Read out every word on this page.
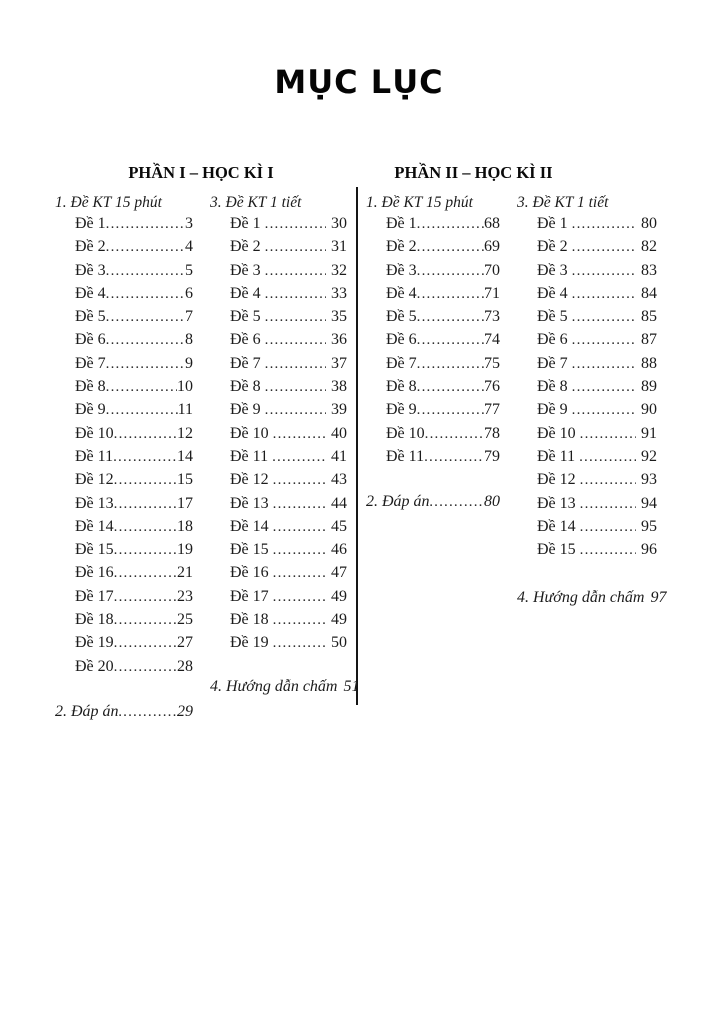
MỤC LỤC
PHẦN I – HỌC KÌ I
1. Đề KT 15 phút
Đề 1 .....	3
Đề 2 .....	4
Đề 3 .....	5
Đề 4 .....	6
Đề 5 .....	7
Đề 6 .....	8
Đề 7 .....	9
Đề 8 .....	10
Đề 9 .....	11
Đề 10 .....	12
Đề 11 .....	14
Đề 12 .....	15
Đề 13 .....	17
Đề 14 .....	18
Đề 15 .....	19
Đề 16 .....	21
Đề 17 .....	23
Đề 18 .....	25
Đề 19 .....	27
Đề 20 .....	28
2. Đáp án .....	29
3. Đề KT 1 tiết
Đề 1 .....	30
Đề 2 .....	31
Đề 3 .....	32
Đề 4 .....	33
Đề 5 .....	35
Đề 6 .....	36
Đề 7 .....	37
Đề 8 .....	38
Đề 9 .....	39
Đề 10 .....	40
Đề 11 .....	41
Đề 12 .....	43
Đề 13 .....	44
Đề 14 .....	45
Đề 15 .....	46
Đề 16 .....	47
Đề 17 .....	49
Đề 18 .....	49
Đề 19 .....	50
4. Hướng dẫn chấm 51
PHẦN II – HỌC KÌ II
1. Đề KT 15 phút
Đề 1 .....	68
Đề 2 .....	69
Đề 3 .....	70
Đề 4 .....	71
Đề 5 .....	73
Đề 6 .....	74
Đề 7 .....	75
Đề 8 .....	76
Đề 9 .....	77
Đề 10 .....	78
Đề 11 .....	79
2. Đáp án .....	80
3. Đề KT 1 tiết
Đề 1 .....	80
Đề 2 .....	82
Đề 3 .....	83
Đề 4 .....	84
Đề 5 .....	85
Đề 6 .....	87
Đề 7 .....	88
Đề 8 .....	89
Đề 9 .....	90
Đề 10 .....	91
Đề 11 .....	92
Đề 12 .....	93
Đề 13 .....	94
Đề 14 .....	95
Đề 15 .....	96
4. Hướng dẫn chấm 97
